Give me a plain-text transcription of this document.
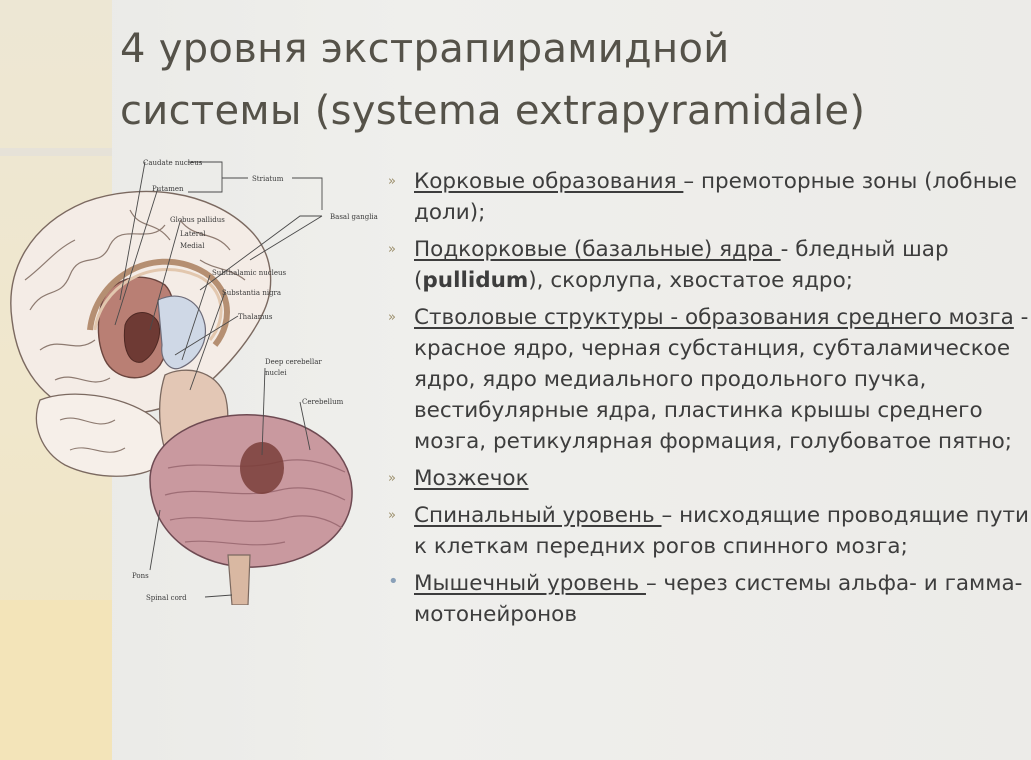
4 уровня экстрапирамидной
системы (systema extrapyramidale)
Caudate nucleus
Putamen
Striatum
Globus pallidus
Lateral
Medial
Basal ganglia
Subthalamic nucleus
Substantia nigra
Thalamus
Deep cerebellar
nuclei
Cerebellum
Pons
Spinal cord
» Корковые образования – премоторные зоны (лобные доли);
» Подкорковые (базальные) ядра - бледный шар (pullidum), скорлупа, хвостатое ядро;
» Стволовые структуры - образования среднего мозга - красное ядро, черная субстанция, субталамическое ядро, ядро медиального продольного пучка, вестибулярные ядра, пластинка крышы среднего мозга, ретикулярная формация, голубоватое пятно;
» Мозжечок
» Спинальный уровень – нисходящие проводящие пути к клеткам передних рогов спинного мозга;
• Мышечный уровень – через системы альфа- и гамма-мотонейронов
